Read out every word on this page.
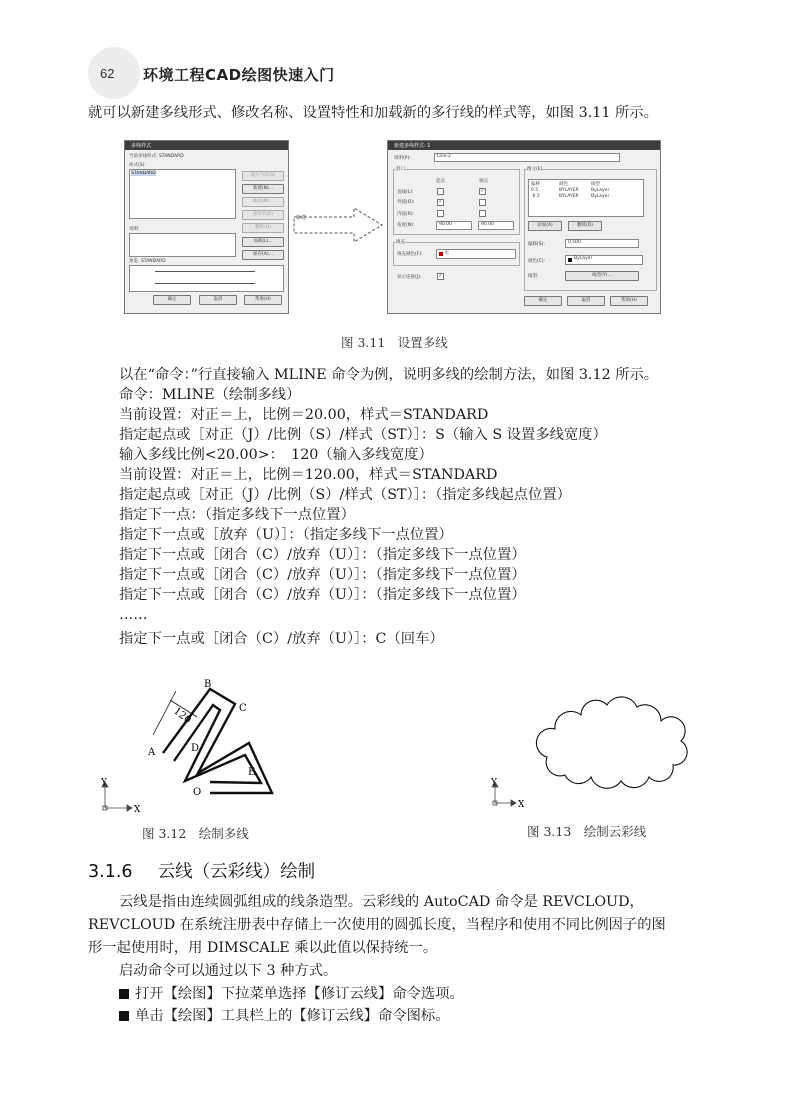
62 环境工程CAD绘图快速入门
就可以新建多线形式、修改名称、设置特性和加载新的多行线的样式等，如图 3.11 所示。
多线样式
当前多线样式: STANDARD
样式(S):
STANDARD
说明:
预览: STANDARD
置为当前(U)
新建(N)...
修改(M)...
重命名(R)
删除(D)
加载(L)...
保存(A)...
确定	取消	帮助(H)
新建
新建多线样式: 1
说明(P):	Line-2
封口
起点	端点
直线(L):
外弧(O):
内弧(R):
角度(N):
✓
✓
90.00	90.00
填充
填充颜色(F):	红
显示连接(J):	✓
图元(E)
偏移	颜色	线型
0.5	BYLAYER	ByLayer
-0.5	BYLAYER	ByLayer
添加(A)	删除(D)
偏移(S):	0.500
颜色(C):
ByLayer
线型:	线型(Y)...
确定	取消	帮助(H)
图 3.11　设置多线
以在“命令：”行直接输入 MLINE 命令为例，说明多线的绘制方法，如图 3.12 所示。
命令：MLINE（绘制多线）
当前设置：对正＝上，比例＝20.00，样式＝STANDARD
指定起点或［对正（J）/比例（S）/样式（ST）］：S（输入 S 设置多线宽度）
输入多线比例<20.00>：　120（输入多线宽度）
当前设置：对正＝上，比例＝120.00，样式＝STANDARD
指定起点或［对正（J）/比例（S）/样式（ST）］：（指定多线起点位置）
指定下一点：（指定多线下一点位置）
指定下一点或［放弃（U）］：（指定多线下一点位置）
指定下一点或［闭合（C）/放弃（U）］：（指定多线下一点位置）
指定下一点或［闭合（C）/放弃（U）］：（指定多线下一点位置）
指定下一点或［闭合（C）/放弃（U）］：（指定多线下一点位置）
……
指定下一点或［闭合（C）/放弃（U）］：C（回车）
B
C
A	D
E
O
120
Y
X
图 3.12　绘制多线
Y
X
图 3.13　绘制云彩线
3.1.6 云线（云彩线）绘制
云线是指由连续圆弧组成的线条造型。云彩线的 AutoCAD 命令是 REVCLOUD，
REVCLOUD 在系统注册表中存储上一次使用的圆弧长度，当程序和使用不同比例因子的图
形一起使用时，用 DIMSCALE 乘以此值以保持统一。
启动命令可以通过以下 3 种方式。
打开【绘图】下拉菜单选择【修订云线】命令选项。
单击【绘图】工具栏上的【修订云线】命令图标。
